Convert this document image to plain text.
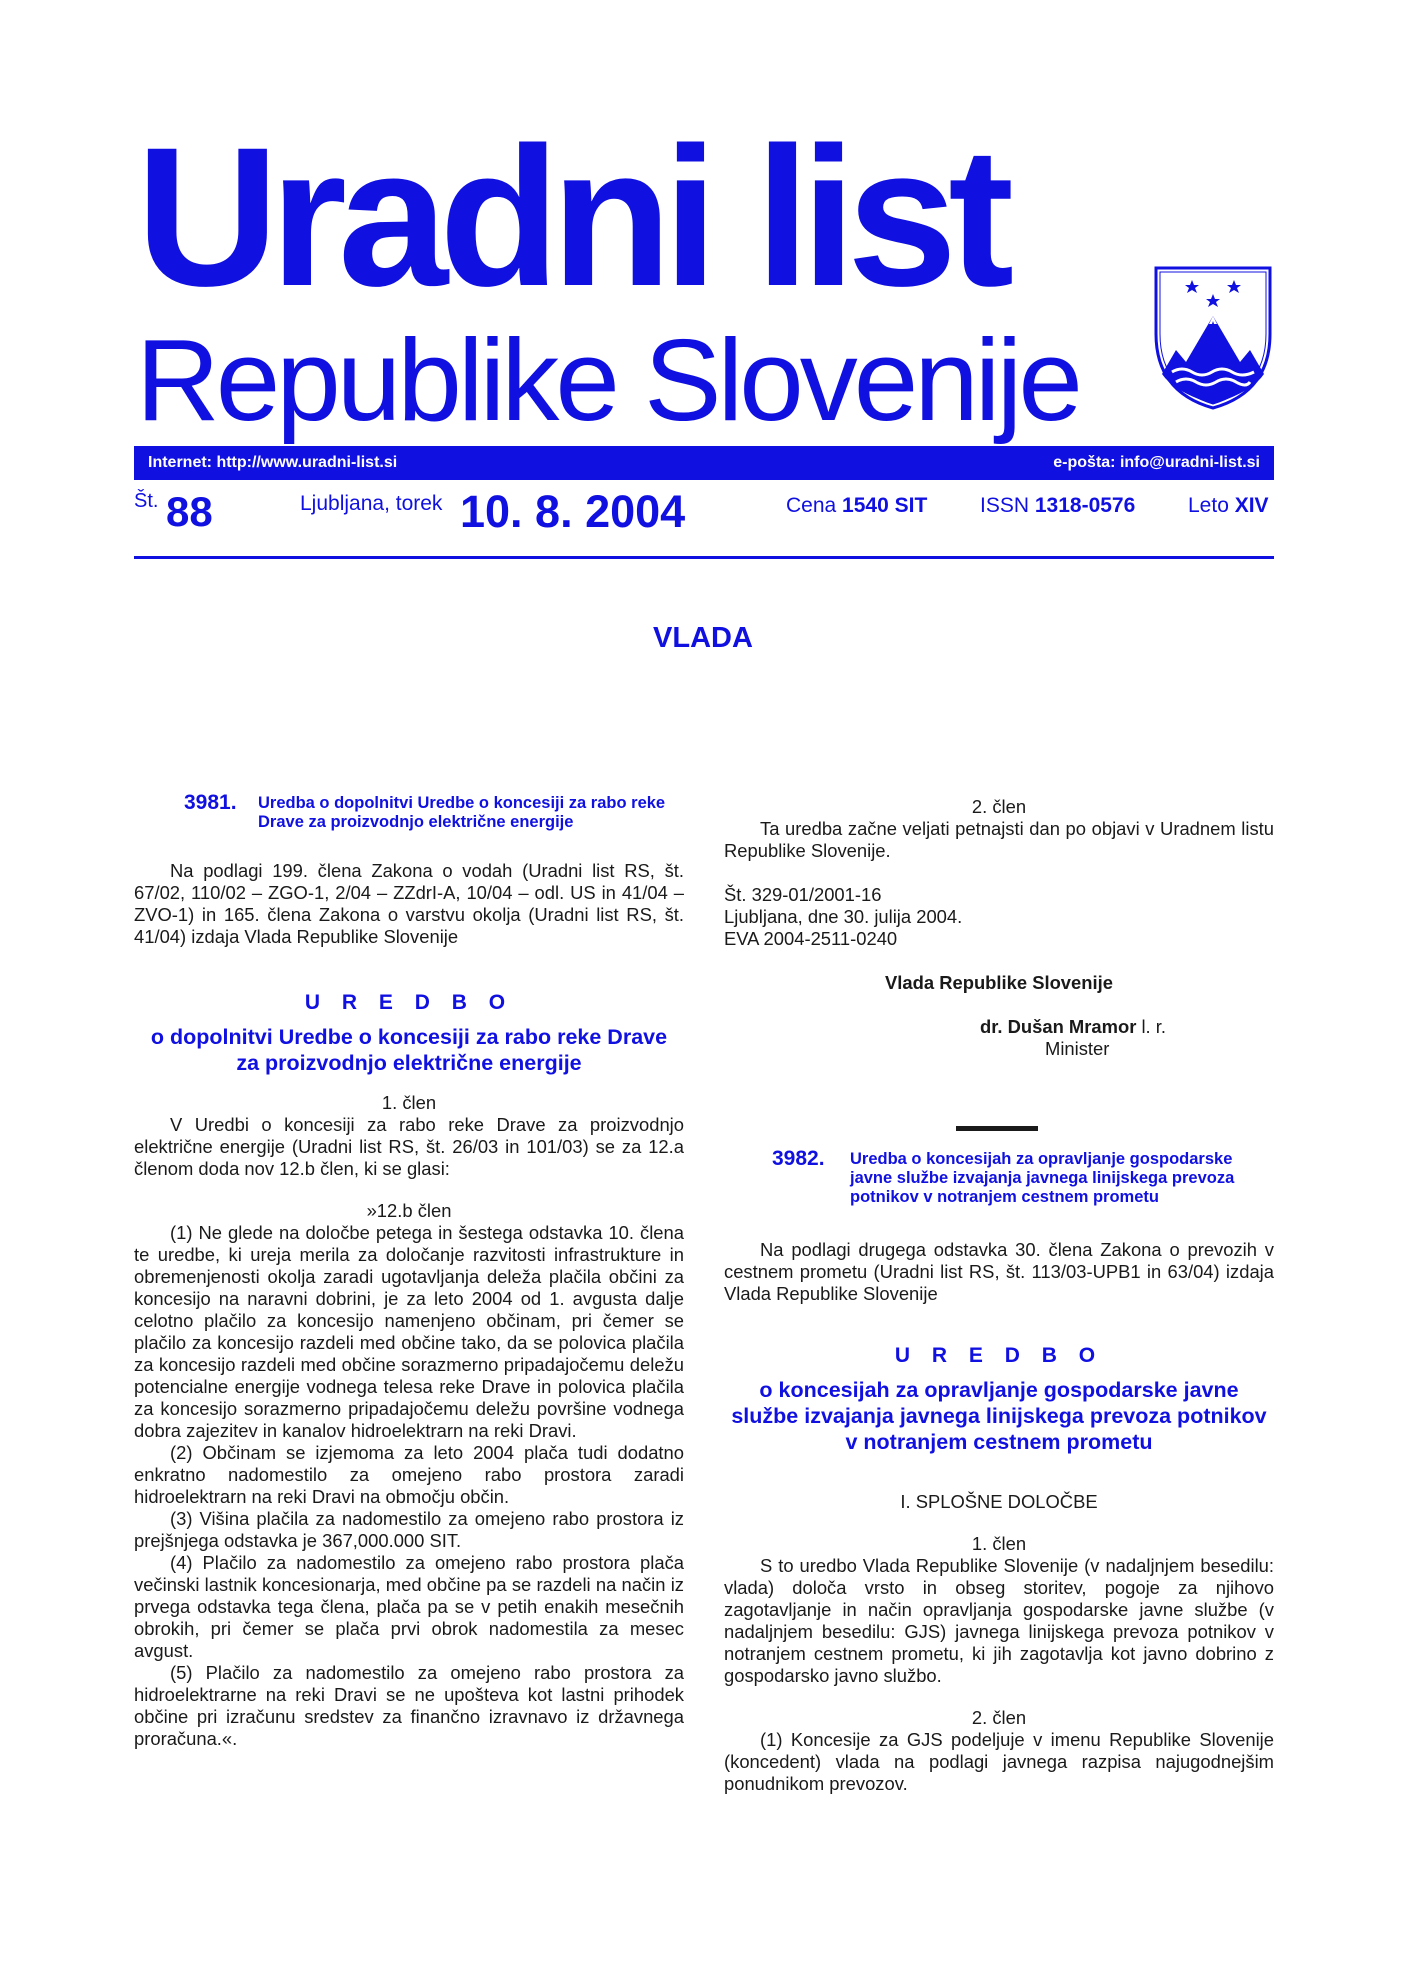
Uradni list
Republike Slovenije
Internet: http://www.uradni-list.si	e-pošta: info@uradni-list.si
Št. 88	Ljubljana, torek 10. 8. 2004	Cena 1540 SIT	ISSN 1318-0576	Leto XIV
VLADA
3981. Uredba o dopolnitvi Uredbe o koncesiji za rabo reke Drave za proizvodnjo električne energije

Na podlagi 199. člena Zakona o vodah (Uradni list RS, št. 67/02, 110/02 – ZGO-1, 2/04 – ZZdrI-A, 10/04 – odl. US in 41/04 – ZVO-1) in 165. člena Zakona o varstvu okolja (Uradni list RS, št. 41/04) izdaja Vlada Republike Slovenije

U R E D B O

o dopolnitvi Uredbe o koncesiji za rabo reke Drave za proizvodnjo električne energije

1. člen

V Uredbi o koncesiji za rabo reke Drave za proizvodnjo električne energije (Uradni list RS, št. 26/03 in 101/03) se za 12.a členom doda nov 12.b člen, ki se glasi:

»12.b člen

(1) Ne glede na določbe petega in šestega odstavka 10. člena te uredbe, ki ureja merila za določanje razvitosti infrastrukture in obremenjenosti okolja zaradi ugotavljanja deleža plačila občini za koncesijo na naravni dobrini, je za leto 2004 od 1. avgusta dalje celotno plačilo za koncesijo namenjeno občinam, pri čemer se plačilo za koncesijo razdeli med občine tako, da se polovica plačila za koncesijo razdeli med občine sorazmerno pripadajočemu deležu potencialne energije vodnega telesa reke Drave in polovica plačila za koncesijo sorazmerno pripadajočemu deležu površine vodnega dobra zajezitev in kanalov hidroelektrarn na reki Dravi.

(2) Občinam se izjemoma za leto 2004 plača tudi dodatno enkratno nadomestilo za omejeno rabo prostora zaradi hidroelektrarn na reki Dravi na območju občin.

(3) Višina plačila za nadomestilo za omejeno rabo prostora iz prejšnjega odstavka je 367,000.000 SIT.

(4) Plačilo za nadomestilo za omejeno rabo prostora plača večinski lastnik koncesionarja, med občine pa se razdeli na način iz prvega odstavka tega člena, plača pa se v petih enakih mesečnih obrokih, pri čemer se plača prvi obrok nadomestila za mesec avgust.

(5) Plačilo za nadomestilo za omejeno rabo prostora za hidroelektrarne na reki Dravi se ne upošteva kot lastni prihodek občine pri izračunu sredstev za finančno izravnavo iz državnega proračuna.«.

2. člen

Ta uredba začne veljati petnajsti dan po objavi v Uradnem listu Republike Slovenije.

Št. 329-01/2001-16

Ljubljana, dne 30. julija 2004.

EVA 2004-2511-0240

Vlada Republike Slovenije

dr. Dušan Mramor l. r.

Minister

3982. Uredba o koncesijah za opravljanje gospodarske javne službe izvajanja javnega linijskega prevoza potnikov v notranjem cestnem prometu

Na podlagi drugega odstavka 30. člena Zakona o prevozih v cestnem prometu (Uradni list RS, št. 113/03-UPB1 in 63/04) izdaja Vlada Republike Slovenije

U R E D B O

o koncesijah za opravljanje gospodarske javne službe izvajanja javnega linijskega prevoza potnikov v notranjem cestnem prometu

I. SPLOŠNE DOLOČBE

1. člen

S to uredbo Vlada Republike Slovenije (v nadaljnjem besedilu: vlada) določa vrsto in obseg storitev, pogoje za njihovo zagotavljanje in način opravljanja gospodarske javne službe (v nadaljnjem besedilu: GJS) javnega linijskega prevoza potnikov v notranjem cestnem prometu, ki jih zagotavlja kot javno dobrino z gospodarsko javno službo.

2. člen

(1) Koncesije za GJS podeljuje v imenu Republike Slovenije (koncedent) vlada na podlagi javnega razpisa najugodnejšim ponudnikom prevozov.
